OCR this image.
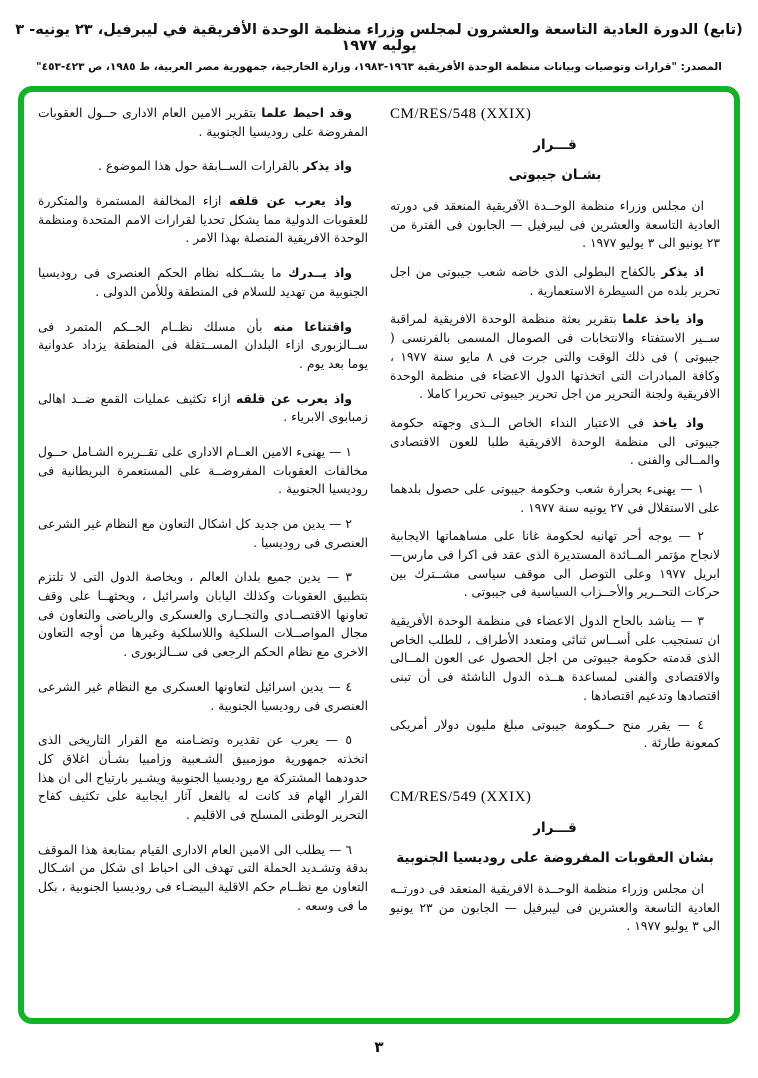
(تابع) الدورة العادية التاسعة والعشرون لمجلس وزراء منظمة الوحدة الأفريقية في ليبرفيل، ٢٣ يونيه- ٣ يوليه ١٩٧٧
المصدر: "قرارات وتوصيات وبيانات منظمة الوحدة الأفريقية ١٩٦٣-١٩٨٣، وزارة الخارجية، جمهورية مصر العربية، ط ١٩٨٥، ص ٤٢٣-٤٥٣"
CM/RES/548 (XXIX)
قـــرار
بشـان جيبوتى
ان مجلس وزراء منظمة الوحــدة الآفريقية المنعقد فى دورته العادية التاسعة والعشرين فى ليبرفيل — الجابون فى الفترة من ٢٣ يونيو الى ٣ يوليو ١٩٧٧ .
اذ يذكر بالكفاح البطولى الذى خاضه شعب جيبوتى من اجل تحرير بلده من السيطرة الاستعمارية .
واذ ياخذ علما بتقرير بعثة منظمة الوحدة الافريقية لمراقبة ســير الاستفتاء والانتخابات فى الصومال المسمى بالفرنسى ( جيبوتى ) فى ذلك الوقت والتى جرت فى ٨ مايو سنة ١٩٧٧ ، وكافة المبادرات التى اتخذتها الدول الاعضاء فى منظمة الوحدة الافريقية ولجنة التحرير من اجل تحرير جيبوتى تحريرا كاملا .
واذ ياخذ فى الاعتبار النداء الخاص الــذى وجهته حكومة جيبوتى الى منظمة الوحدة الافريقية طلبا للعون الاقتصادى والمــالى والفنى .
١ — يهنىء بحرارة شعب وحكومة جيبوتى على حصول بلدهما على الاستقلال فى ٢٧ يونيه سنة ١٩٧٧ .
٢ — يوجه أحر تهانيه لحكومة غانا على مساهماتها الايجابية لانجاح مؤتمر المــائدة المستديرة الذى عقد فى اكرا فى مارس— ابريل ١٩٧٧ وعلى التوصل الى موقف سياسى مشــترك بين حركات التحــرير والأحــزاب السياسية فى جيبوتى .
٣ — يناشد بالحاح الدول الاعضاء فى منظمة الوحدة الأفريقية ان تستجيب على أســاس ثنائى ومتعدد الأطراف ، للطلب الخاص الذى قدمته حكومة جيبوتى من اجل الحصول عى العون المــالى والاقتصادى والفنى لمساعدة هــذه الدول الناشئة فى أن تبنى اقتصادها وتدعيم اقتصادها .
٤ — يقرر منح حــكومة جيبوتى مبلغ مليون دولار أمريكى كمعونة طارئة .
CM/RES/549 (XXIX)
قـــرار
بشان العقوبات المفروضة على روديسيا الجنوبية
ان مجلس وزراء منظمة الوحــدة الافريقية المنعقد فى دورتــه العادية التاسعة والعشرين فى ليبرفيل — الجابون من ٢٣ يونيو الى ٣ يوليو ١٩٧٧ .
وقد احيط علما بتقرير الامين العام الادارى حــول العقوبات المفروضة على روديسيا الجنوبية .
واذ يذكر بالقرارات الســابقة حول هذا الموضوع .
واذ يعرب عن قلقه ازاء المخالفة المستمرة والمتكررة للعقوبات الدولية مما يشكل تحديا لقرارات الامم المتحدة ومنظمة الوحدة الافريقية المتصلة بهذا الامر .
واذ يــدرك ما يشــكله نظام الحكم العنصرى فى روديسيا الجنوبية من تهديد للسلام فى المنطقة وللأمن الدولى .
واقتناعا منه بأن مسلك نظــام الحــكم المتمرد فى ســالزبورى ازاء البلدان المســتقلة فى المنطقة يزداد عدوانية يوما بعد يوم .
واذ يعرب عن قلقه ازاء تكثيف عمليات القمع ضــد اهالى زمبابوى الابرياء .
١ — يهنىء الامين العــام الادارى على تقــريره الشـامل حــول مخالفات العقوبات المفروضــة على المستعمرة البريطانية فى روديسيا الجنوبية .
٢ — يدين من جديد كل اشكال التعاون مع النظام غير الشرعى العنصرى فى روديسيا .
٣ — يدين جميع بلدان العالم ، وبخاصة الدول التى لا تلتزم بتطبيق العقوبات وكذلك اليابان واسرائيل ، ويحثهــا على وقف تعاونها الاقتصــادى والتجــارى والعسكرى والرياضى والتعاون فى مجال المواصــلات السلكية واللاسلكية وغيرها من أوجه التعاون الاخرى مع نظام الحكم الرجعى فى ســالزبورى .
٤ — يدين اسرائيل لتعاونها العسكرى مع النظام غير الشرعى العنصرى فى روديسيا الجنوبية .
٥ — يعرب عن تقديره وتضـامنه مع القرار التاريخى الذى اتخذته جمهورية موزمبيق الشـعبية وزامبيا بشـأن اغلاق كل حدودهما المشتركة مع روديسيا الجنوبية ويشـير بارتياح الى ان هذا القرار الهام قد كانت له بالفعل آثار ايجابية على تكثيف كفاح التحرير الوطنى المسلح فى الاقليم .
٦ — يطلب الى الامين العام الادارى القيام بمتابعة هذا الموقف بدقة وتشـديد الحملة التى تهدف الى احباط اى شكل من اشـكال التعاون مع نظــام حكم الاقلية البيضـاء فى روديسيا الجنوبية ، بكل ما فى وسعه .
٣
